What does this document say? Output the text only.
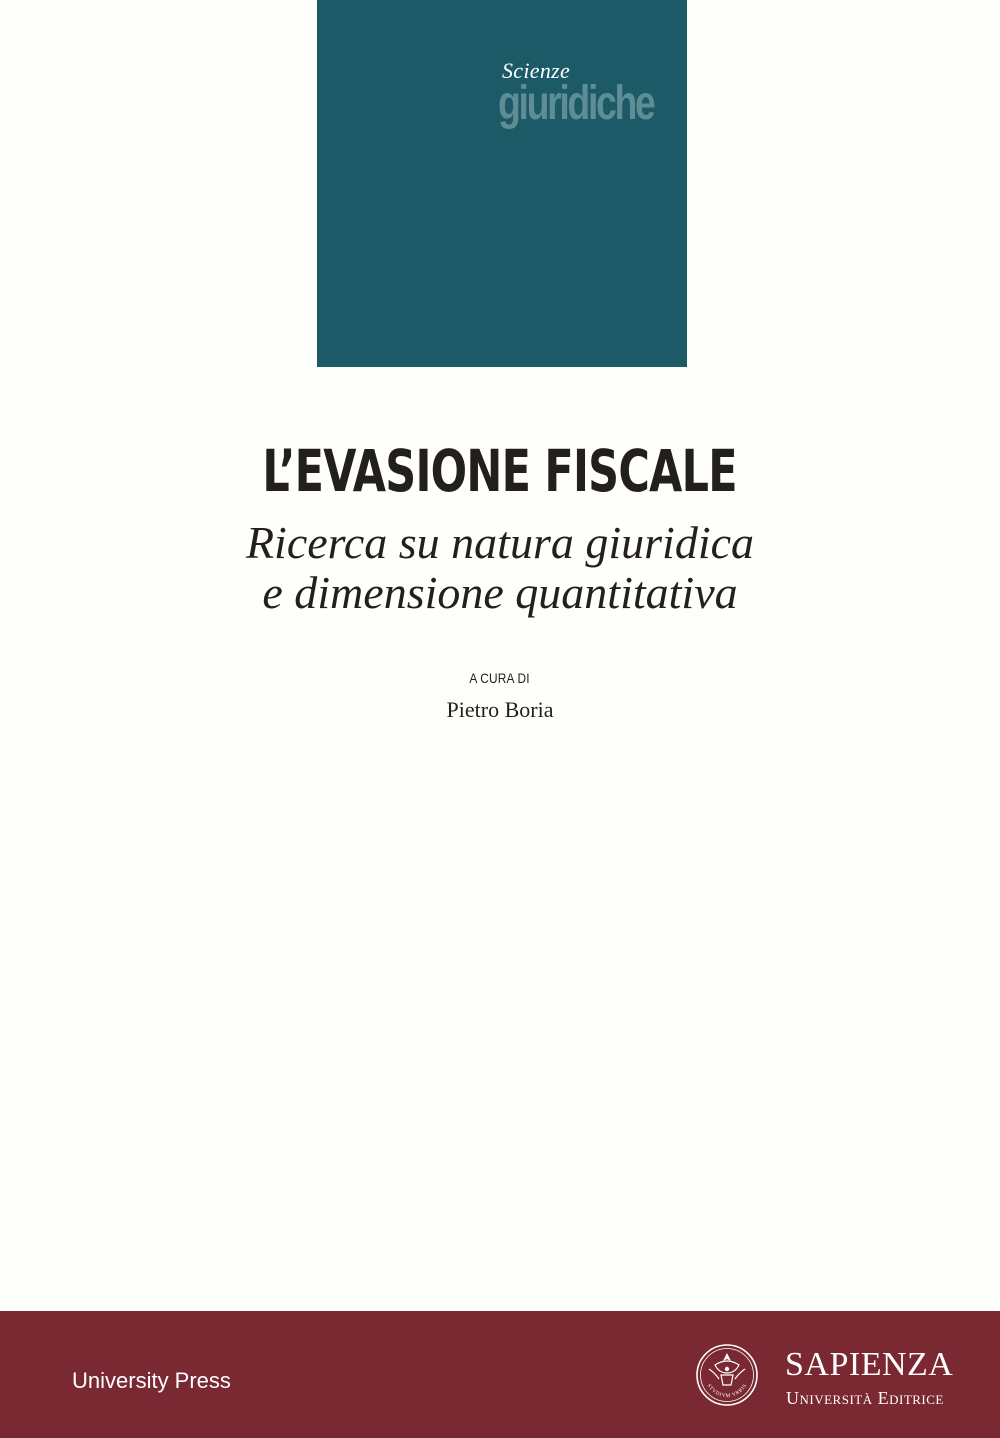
Scienze
giuridiche
L’EVASIONE FISCALE
Ricerca su natura giuridica
e dimensione quantitativa
A CURA DI
Pietro Boria
University Press	STVDIVM VRBIS
SAPIENZA
Università Editrice
